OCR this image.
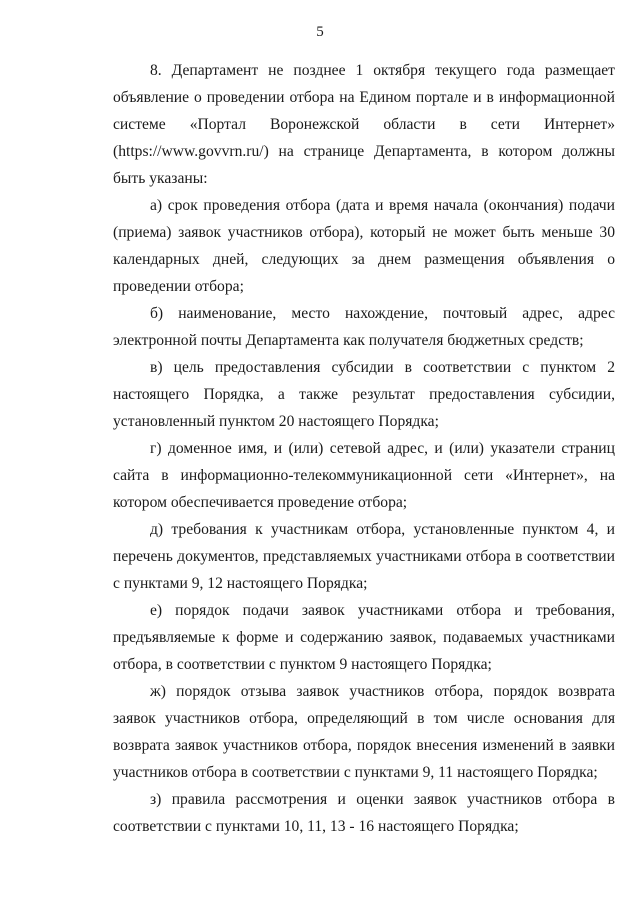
5

8. Департамент не позднее 1 октября текущего года размещает объявление о проведении отбора на Едином портале и в информационной системе «Портал Воронежской области в сети Интернет» (https://www.govvrn.ru/) на странице Департамента, в котором должны быть указаны:

а) срок проведения отбора (дата и время начала (окончания) подачи (приема) заявок участников отбора), который не может быть меньше 30 календарных дней, следующих за днем размещения объявления о проведении отбора;

б) наименование, место нахождение, почтовый адрес, адрес электронной почты Департамента как получателя бюджетных средств;

в) цель предоставления субсидии в соответствии с пунктом 2 настоящего Порядка, а также результат предоставления субсидии, установленный пунктом 20 настоящего Порядка;

г) доменное имя, и (или) сетевой адрес, и (или) указатели страниц сайта в информационно-телекоммуникационной сети «Интернет», на котором обеспечивается проведение отбора;

д) требования к участникам отбора, установленные пунктом 4, и перечень документов, представляемых участниками отбора в соответствии с пунктами 9, 12 настоящего Порядка;

е) порядок подачи заявок участниками отбора и требования, предъявляемые к форме и содержанию заявок, подаваемых участниками отбора, в соответствии с пунктом 9 настоящего Порядка;

ж) порядок отзыва заявок участников отбора, порядок возврата заявок участников отбора, определяющий в том числе основания для возврата заявок участников отбора, порядок внесения изменений в заявки участников отбора в соответствии с пунктами 9, 11 настоящего Порядка;

з) правила рассмотрения и оценки заявок участников отбора в соответствии с пунктами 10, 11, 13 - 16 настоящего Порядка;
